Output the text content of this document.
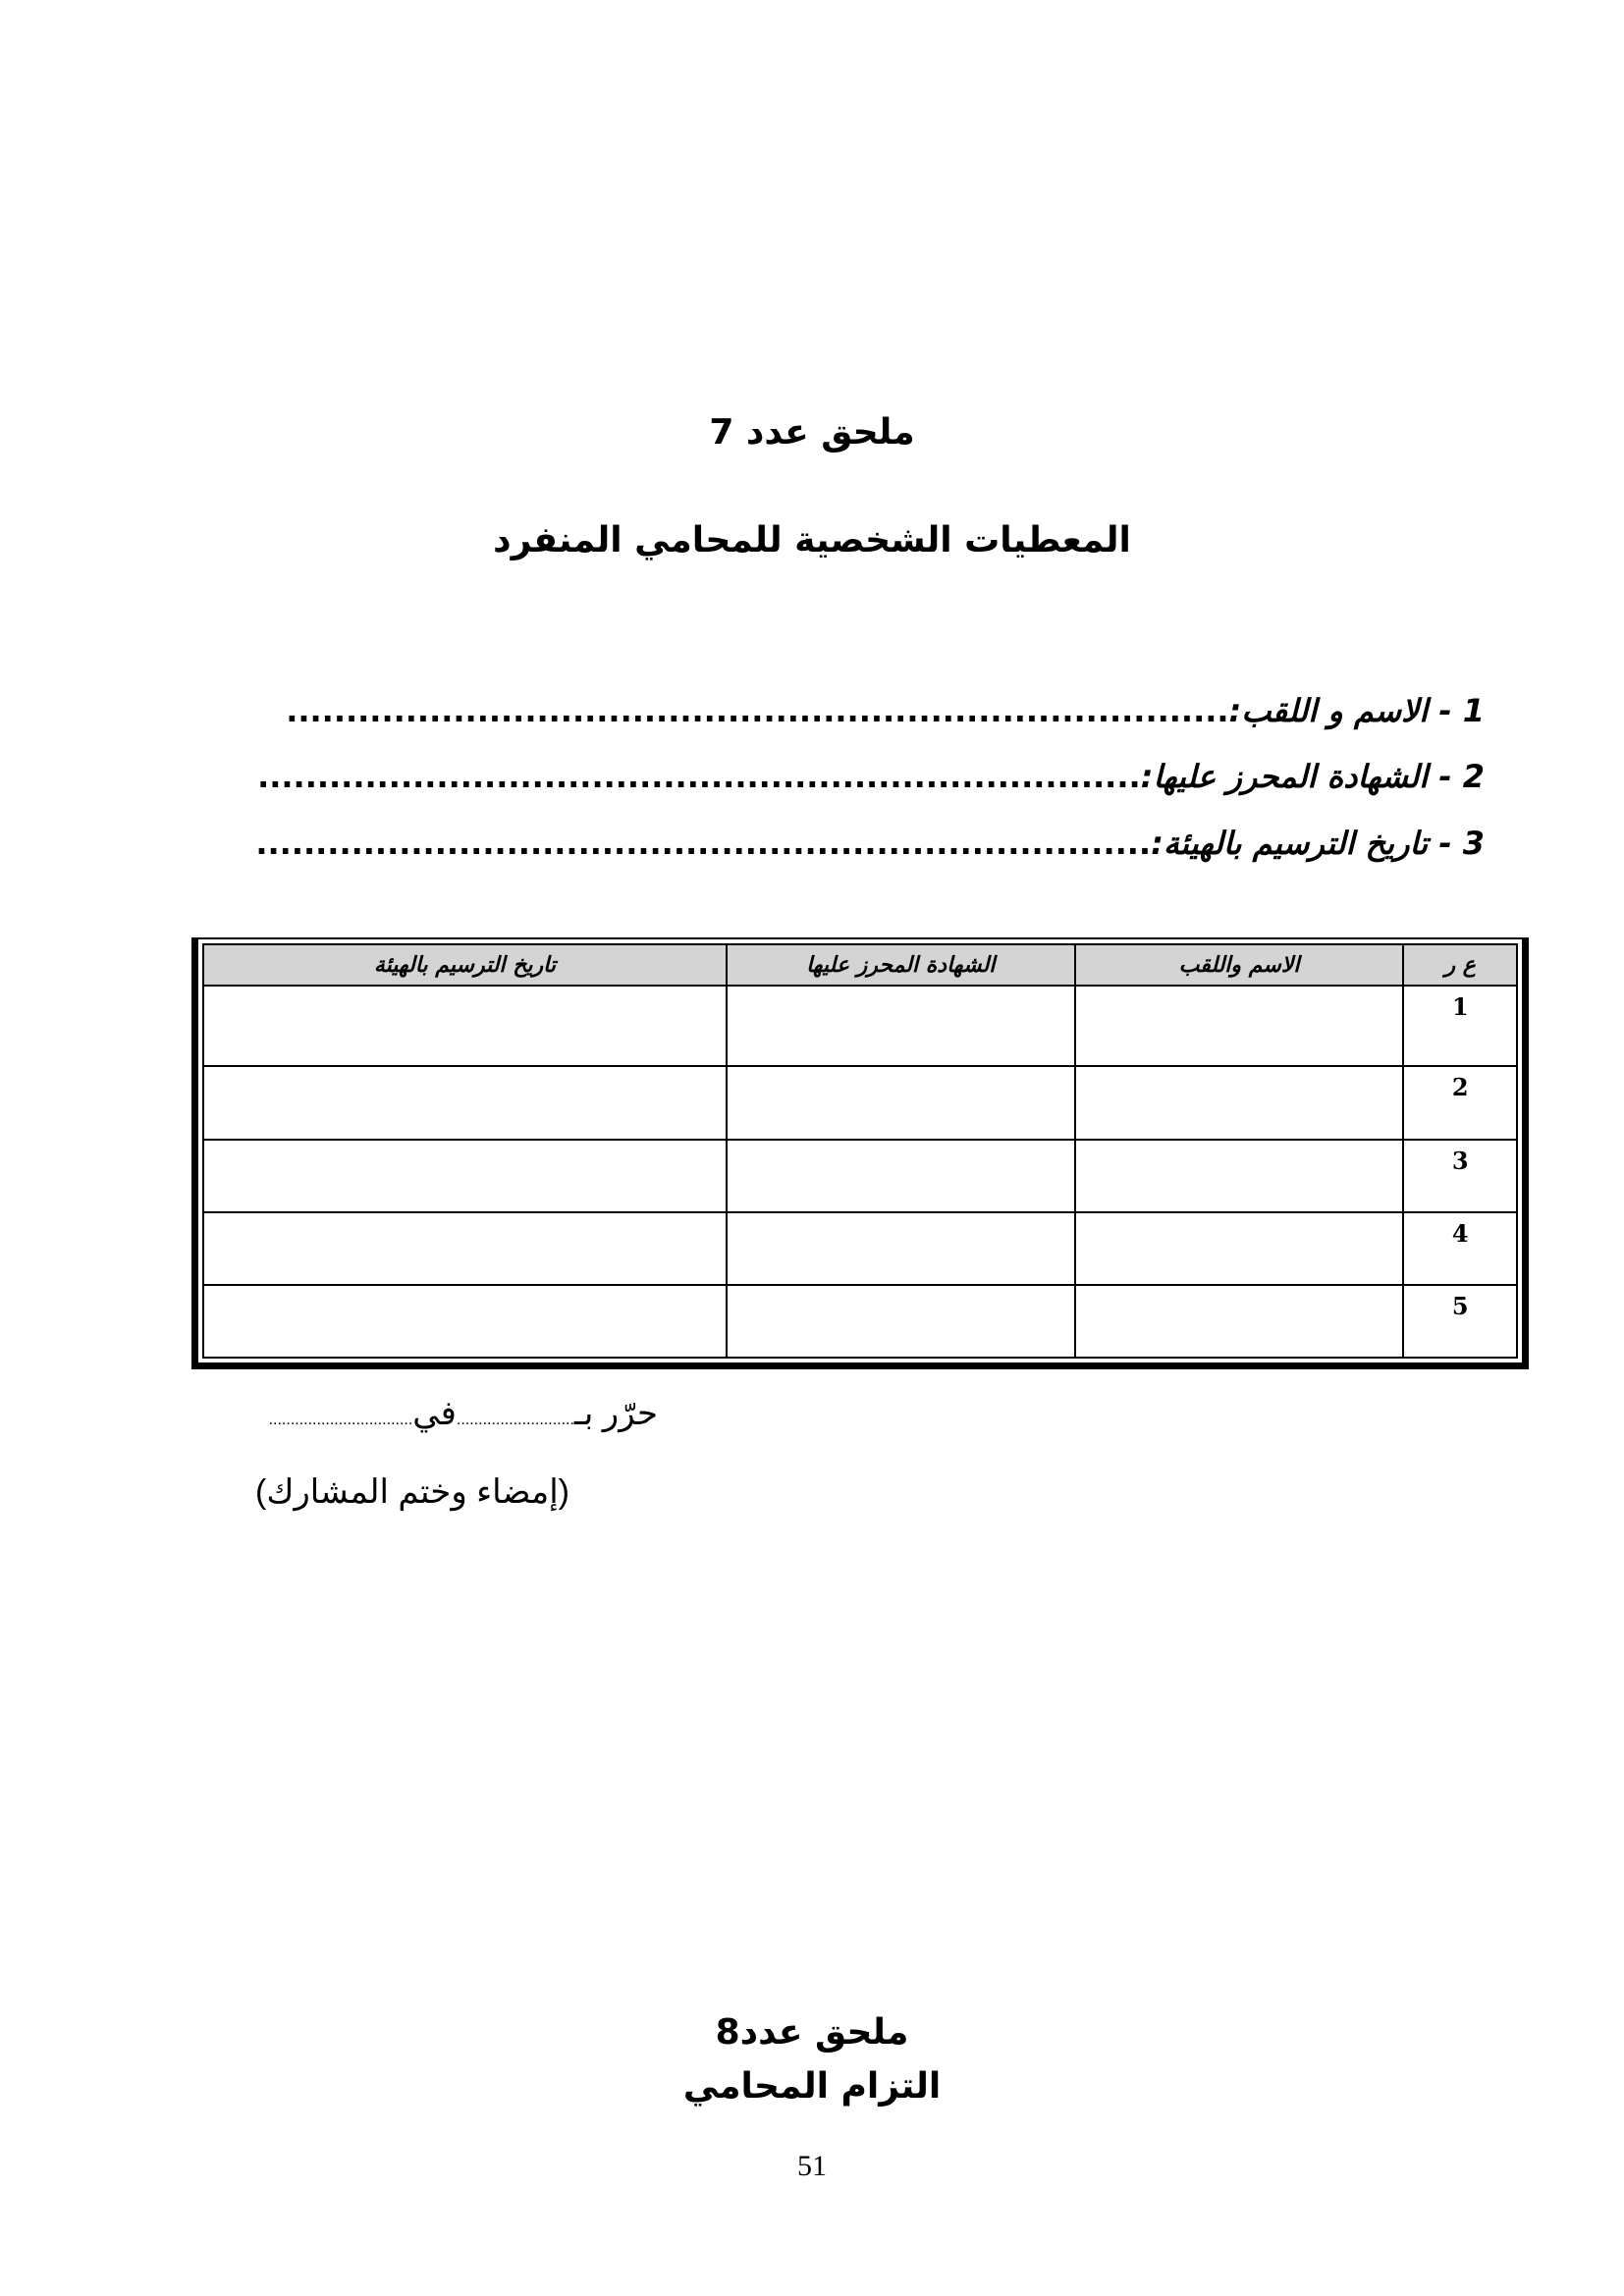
ملحق عدد 7
المعطيات الشخصية للمحامي المنفرد
1 - الاسم و اللقب:...............................................................................
2 - الشهادة المحرز عليها:..........................................................................
3 - تاريخ الترسيم بالهيئة:...........................................................................
ع ر	الاسم واللقب	الشهادة المحرز عليها	تاريخ الترسيم بالهيئة
1			
2			
3			
4			
5			
حرّر بـ...........................في.................................
(إمضاء وختم المشارك)
ملحق عدد8
التزام المحامي
51
